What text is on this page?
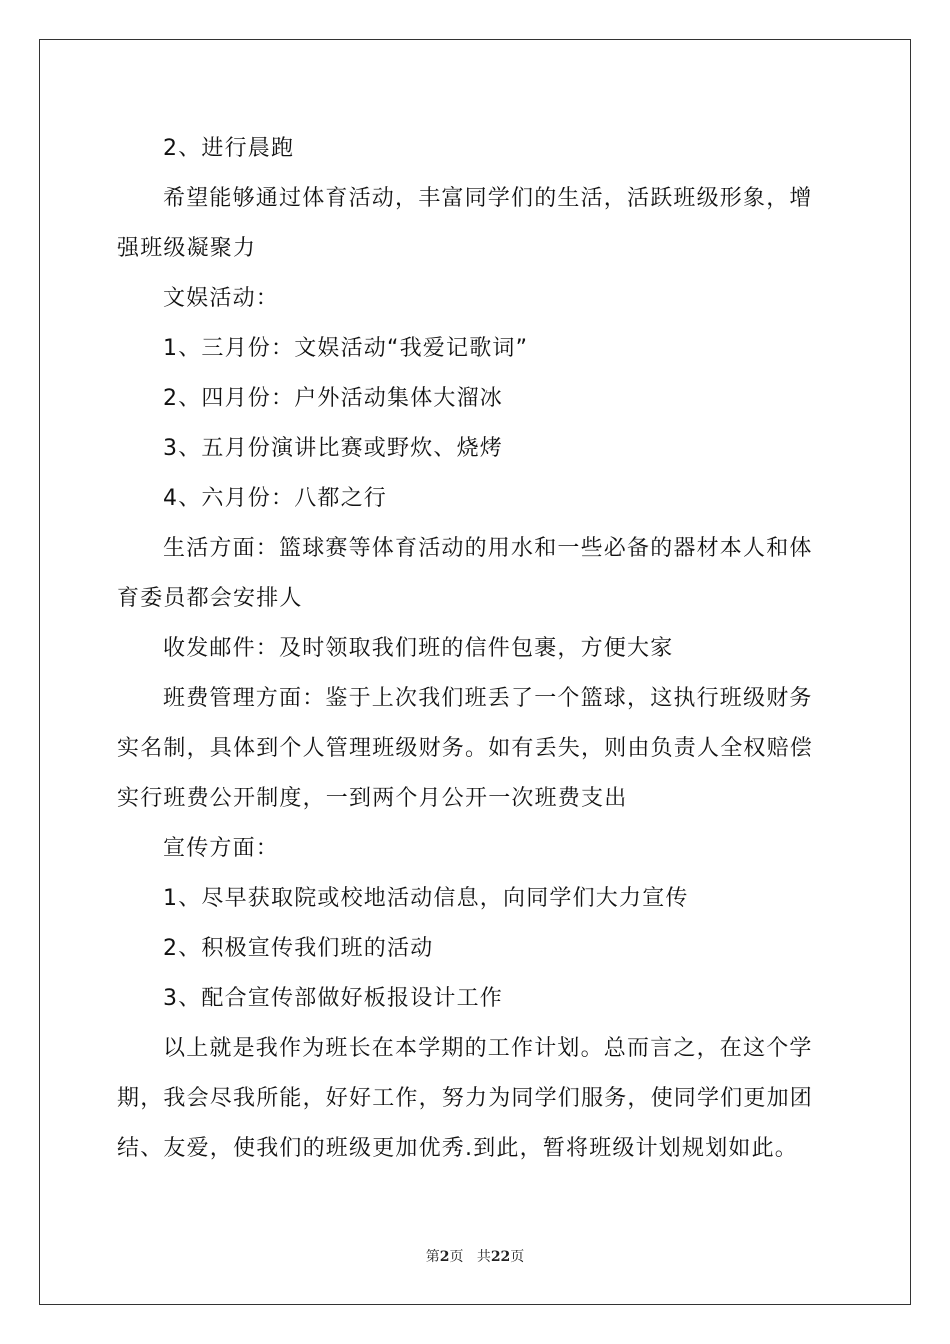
2、进行晨跑

希望能够通过体育活动，丰富同学们的生活，活跃班级形象，增强班级凝聚力

文娱活动：

1、三月份：文娱活动“我爱记歌词”

2、四月份：户外活动集体大溜冰

3、五月份演讲比赛或野炊、烧烤

4、六月份：八都之行

生活方面：篮球赛等体育活动的用水和一些必备的器材本人和体育委员都会安排人

收发邮件：及时领取我们班的信件包裹，方便大家

班费管理方面：鉴于上次我们班丢了一个篮球，这执行班级财务实名制，具体到个人管理班级财务。如有丢失，则由负责人全权赔偿实行班费公开制度，一到两个月公开一次班费支出

宣传方面：

1、尽早获取院或校地活动信息，向同学们大力宣传

2、积极宣传我们班的活动

3、配合宣传部做好板报设计工作

以上就是我作为班长在本学期的工作计划。总而言之，在这个学期，我会尽我所能，好好工作，努力为同学们服务，使同学们更加团结、友爱，使我们的班级更加优秀.到此，暂将班级计划规划如此。

第2页 共22页
